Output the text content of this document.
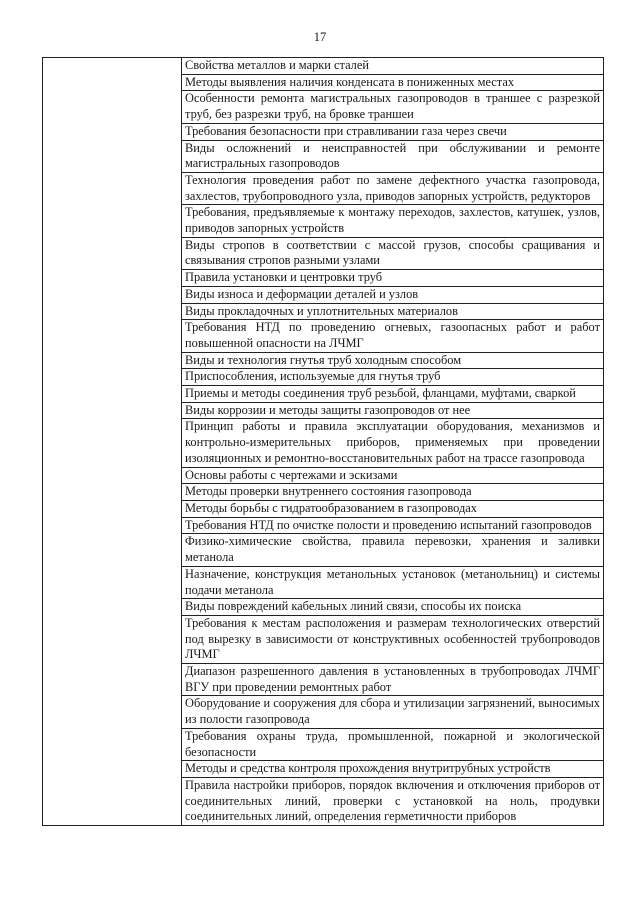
17
	Свойства металлов и марки сталей
Методы выявления наличия конденсата в пониженных местах
Особенности ремонта магистральных газопроводов в траншее с разрезкой труб, без разрезки труб, на бровке траншеи
Требования безопасности при стравливании газа через свечи
Виды осложнений и неисправностей при обслуживании и ремонте магистральных газопроводов
Технология проведения работ по замене дефектного участка газопровода, захлестов, трубопроводного узла, приводов запорных устройств, редукторов
Требования, предъявляемые к монтажу переходов, захлестов, катушек, узлов, приводов запорных устройств
Виды стропов в соответствии с массой грузов, способы сращивания и связывания стропов разными узлами
Правила установки и центровки труб
Виды износа и деформации деталей и узлов
Виды прокладочных и уплотнительных материалов
Требования НТД по проведению огневых, газоопасных работ и работ повышенной опасности на ЛЧМГ
Виды и технология гнутья труб холодным способом
Приспособления, используемые для гнутья труб
Приемы и методы соединения труб резьбой, фланцами, муфтами, сваркой
Виды коррозии и методы защиты газопроводов от нее
Принцип работы и правила эксплуатации оборудования, механизмов и контрольно-измерительных приборов, применяемых при проведении изоляционных и ремонтно-восстановительных работ на трассе газопровода
Основы работы с чертежами и эскизами
Методы проверки внутреннего состояния газопровода
Методы борьбы с гидратообразованием в газопроводах
Требования НТД по очистке полости и проведению испытаний газопроводов
Физико-химические свойства, правила перевозки, хранения и заливки метанола
Назначение, конструкция метанольных установок (метанольниц) и системы подачи метанола
Виды повреждений кабельных линий связи, способы их поиска
Требования к местам расположения и размерам технологических отверстий под вырезку в зависимости от конструктивных особенностей трубопроводов ЛЧМГ
Диапазон разрешенного давления в установленных в трубопроводах ЛЧМГ ВГУ при проведении ремонтных работ
Оборудование и сооружения для сбора и утилизации загрязнений, выносимых из полости газопровода
Требования охраны труда, промышленной, пожарной и экологической безопасности
Методы и средства контроля прохождения внутритрубных устройств
Правила настройки приборов, порядок включения и отключения приборов от соединительных линий, проверки с установкой на ноль, продувки соединительных линий, определения герметичности приборов
